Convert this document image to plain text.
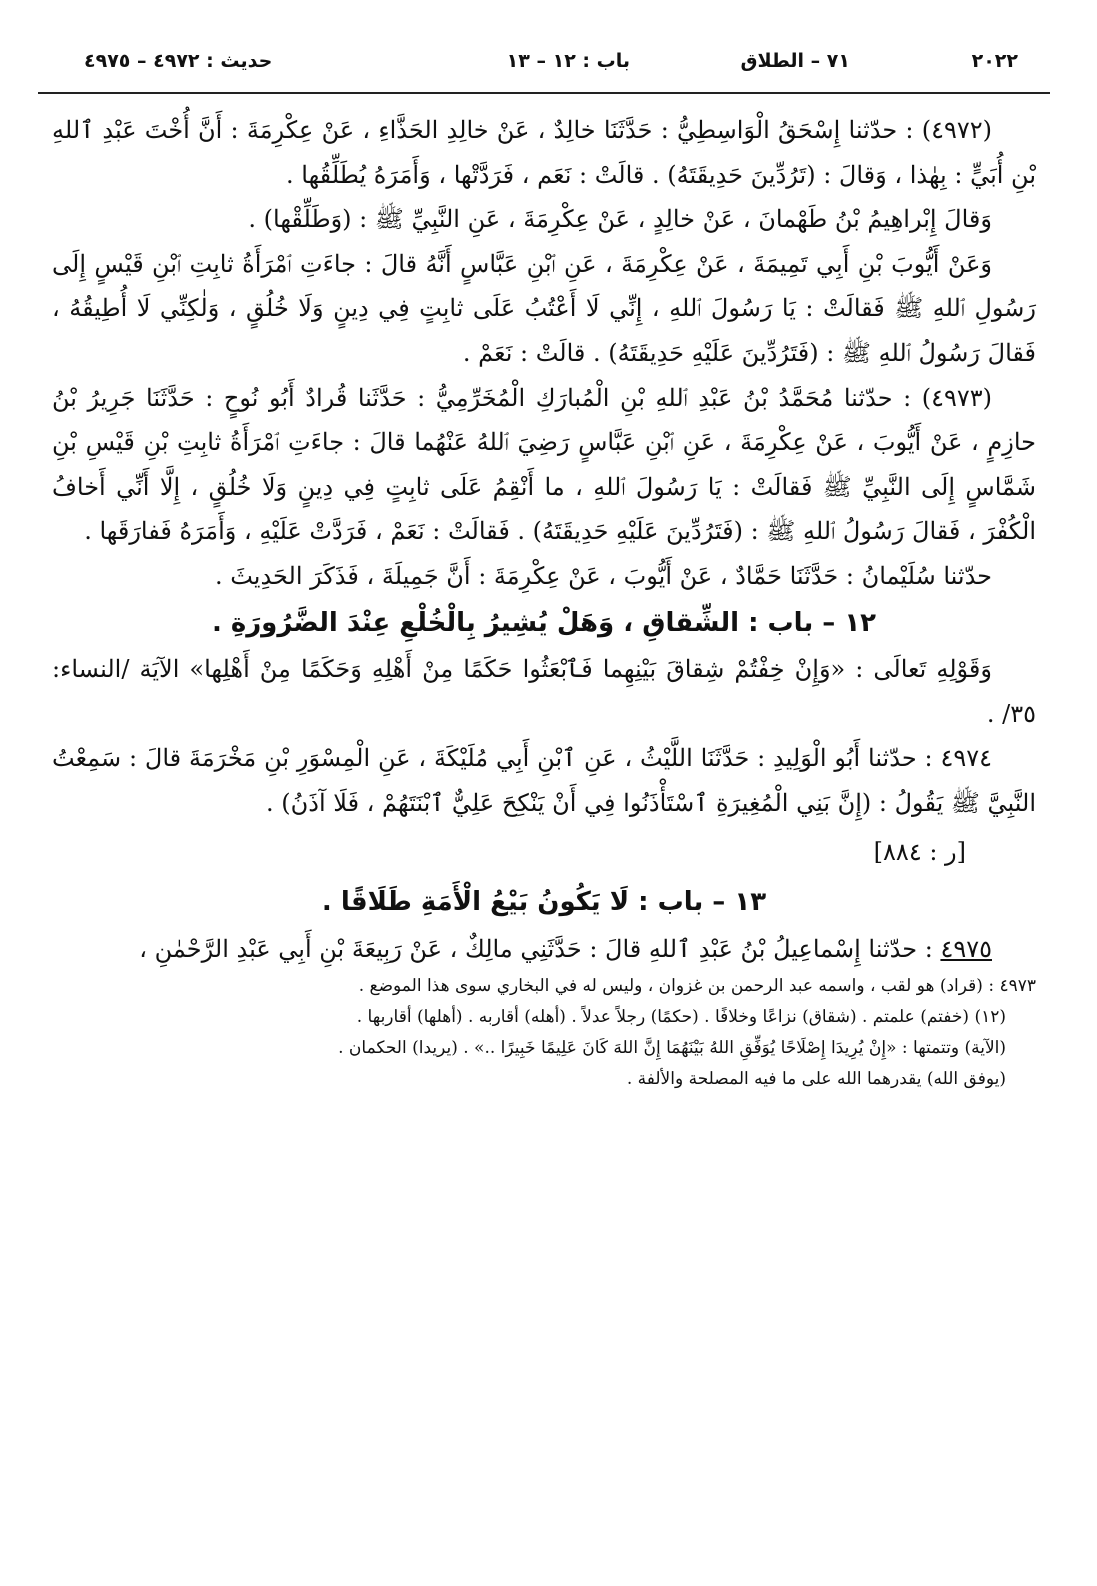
٢٠٢٢
٧١ – الطلاق
باب : ١٢ – ١٣
حديث : ٤٩٧٢ – ٤٩٧٥

(٤٩٧٢) : حدّثنا إِسْحَقُ الْوَاسِطِيُّ : حَدَّثَنَا خالِدٌ ، عَنْ خالِدِ الحَذَّاءِ ، عَنْ عِكْرِمَةَ : أَنَّ أُخْتَ عَبْدِ ٱللهِ بْنِ أُبَيٍّ : بِهٰذا ، وَقالَ : (تَرُدِّينَ حَدِيقَتَهُ) . قالَتْ : نَعَم ، فَرَدَّتْها ، وَأَمَرَهُ يُطَلِّقُها .

وَقالَ إِبْراهِيمُ بْنُ طَهْمانَ ، عَنْ خالِدٍ ، عَنْ عِكْرِمَةَ ، عَنِ النَّبِيِّ ﷺ : (وَطَلِّقْها) .

وَعَنْ أَيُّوبَ بْنِ أَبِي تَمِيمَةَ ، عَنْ عِكْرِمَةَ ، عَنِ ٱبْنِ عَبَّاسٍ أَنَّهُ قالَ : جاءَتِ ٱمْرَأَةُ ثابِتِ ٱبْنِ قَيْسٍ إِلَى رَسُولِ ٱللهِ ﷺ فَقالَتْ : يَا رَسُولَ ٱللهِ ، إِنِّي لَا أَعْتُبُ عَلَى ثابِتٍ فِي دِينٍ وَلَا خُلُقٍ ، وَلٰكِنِّي لَا أُطِيقُهُ ، فَقالَ رَسُولُ ٱللهِ ﷺ : (فَتَرُدِّينَ عَلَيْهِ حَدِيقَتَهُ) . قالَتْ : نَعَمْ .

(٤٩٧٣) : حدّثنا مُحَمَّدُ بْنُ عَبْدِ ٱللهِ بْنِ الْمُبارَكِ الْمُخَرِّمِيُّ : حَدَّثَنا قُرادٌ أَبُو نُوحٍ : حَدَّثَنَا جَرِيرُ بْنُ حازِمٍ ، عَنْ أَيُّوبَ ، عَنْ عِكْرِمَةَ ، عَنِ ٱبْنِ عَبَّاسٍ رَضِيَ ٱللهُ عَنْهُما قالَ : جاءَتِ ٱمْرَأَةُ ثابِتِ بْنِ قَيْسِ بْنِ شَمَّاسٍ إِلَى النَّبِيِّ ﷺ فَقالَتْ : يَا رَسُولَ ٱللهِ ، ما أَنْقِمُ عَلَى ثابِتٍ فِي دِينٍ وَلَا خُلُقٍ ، إِلَّا أَنِّي أَخافُ الْكُفْرَ ، فَقالَ رَسُولُ ٱللهِ ﷺ : (فَتَرُدِّينَ عَلَيْهِ حَدِيقَتَهُ) . فَقالَتْ : نَعَمْ ، فَرَدَّتْ عَلَيْهِ ، وَأَمَرَهُ فَفارَقَها .

حدّثنا سُلَيْمانُ : حَدَّثَنَا حَمَّادٌ ، عَنْ أَيُّوبَ ، عَنْ عِكْرِمَةَ : أَنَّ جَمِيلَةَ ، فَذَكَرَ الحَدِيثَ .

١٢ – باب : الشِّقاقِ ، وَهَلْ يُشِيرُ بِالْخُلْعِ عِنْدَ الضَّرُورَةِ .

وَقَوْلِهِ تَعالَى : «وَإِنْ خِفْتُمْ شِقاقَ بَيْنِهِما فَٱبْعَثُوا حَكَمًا مِنْ أَهْلِهِ وَحَكَمًا مِنْ أَهْلِها» الآيَة /النساء: ٣٥/ .

٤٩٧٤ : حدّثنا أَبُو الْوَلِيدِ : حَدَّثَنَا اللَّيْثُ ، عَنِ ٱبْنِ أَبِي مُلَيْكَةَ ، عَنِ الْمِسْوَرِ بْنِ مَخْرَمَةَ قالَ : سَمِعْتُ النَّبِيَّ ﷺ يَقُولُ : (إِنَّ بَنِي الْمُغِيرَةِ ٱسْتَأْذَنُوا فِي أَنْ يَنْكِحَ عَلِيٌّ ٱبْنَتَهُمْ ، فَلَا آذَنُ) .

[ر : ٨٨٤]
١٣ – باب : لَا يَكُونُ بَيْعُ الْأَمَةِ طَلَاقًا .

٤٩٧٥ : حدّثنا إِسْماعِيلُ بْنُ عَبْدِ ٱللهِ قالَ : حَدَّثَنِي مالِكٌ ، عَنْ رَبِيعَةَ بْنِ أَبِي عَبْدِ الرَّحْمٰنِ ،

٤٩٧٣ : (قراد) هو لقب ، واسمه عبد الرحمن بن غزوان ، وليس له في البخاري سوى هذا الموضع .

(١٢) (خفتم) علمتم . (شقاق) نزاعًا وخلافًا . (حكمًا) رجلاً عدلاً . (أهله) أقاربه . (أهلها) أقاربها .

(الآية) وتتمتها : «إِنْ يُرِيدَا إِصْلَاحًا يُوَفِّقِ اللهُ بَيْنَهُمَا إِنَّ اللهَ كَانَ عَلِيمًا خَبِيرًا ..» . (يريدا) الحكمان .

(يوفق الله) يقدرهما الله على ما فيه المصلحة والألفة .
